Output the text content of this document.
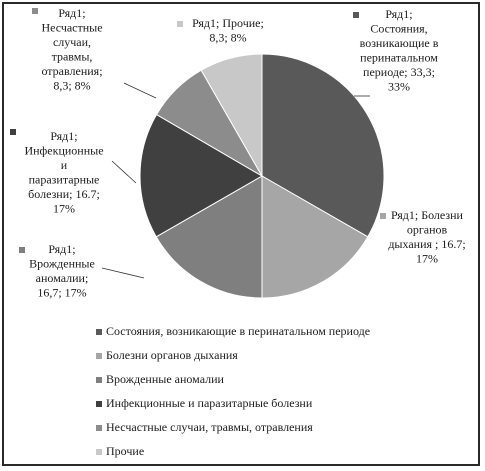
Ряд1; Состояния, возникающие в перинатальном периоде; 33,3; 33%
Ряд1; Болезни органов дыхания ; 16.7; 17%
Ряд1; Врожденные аномалии; 16,7; 17%
Ряд1; Инфекционные и паразитарные болезни; 16.7; 17%
Ряд1; Несчастные случаи, травмы, отравления; 8,3; 8%
Ряд1; Прочие; 8,3; 8%
Состояния, возникающие в перинатальном периоде
Болезни органов дыхания
Врожденные аномалии
Инфекционные и паразитарные болезни
Несчастные случаи, травмы, отравления
Прочие
